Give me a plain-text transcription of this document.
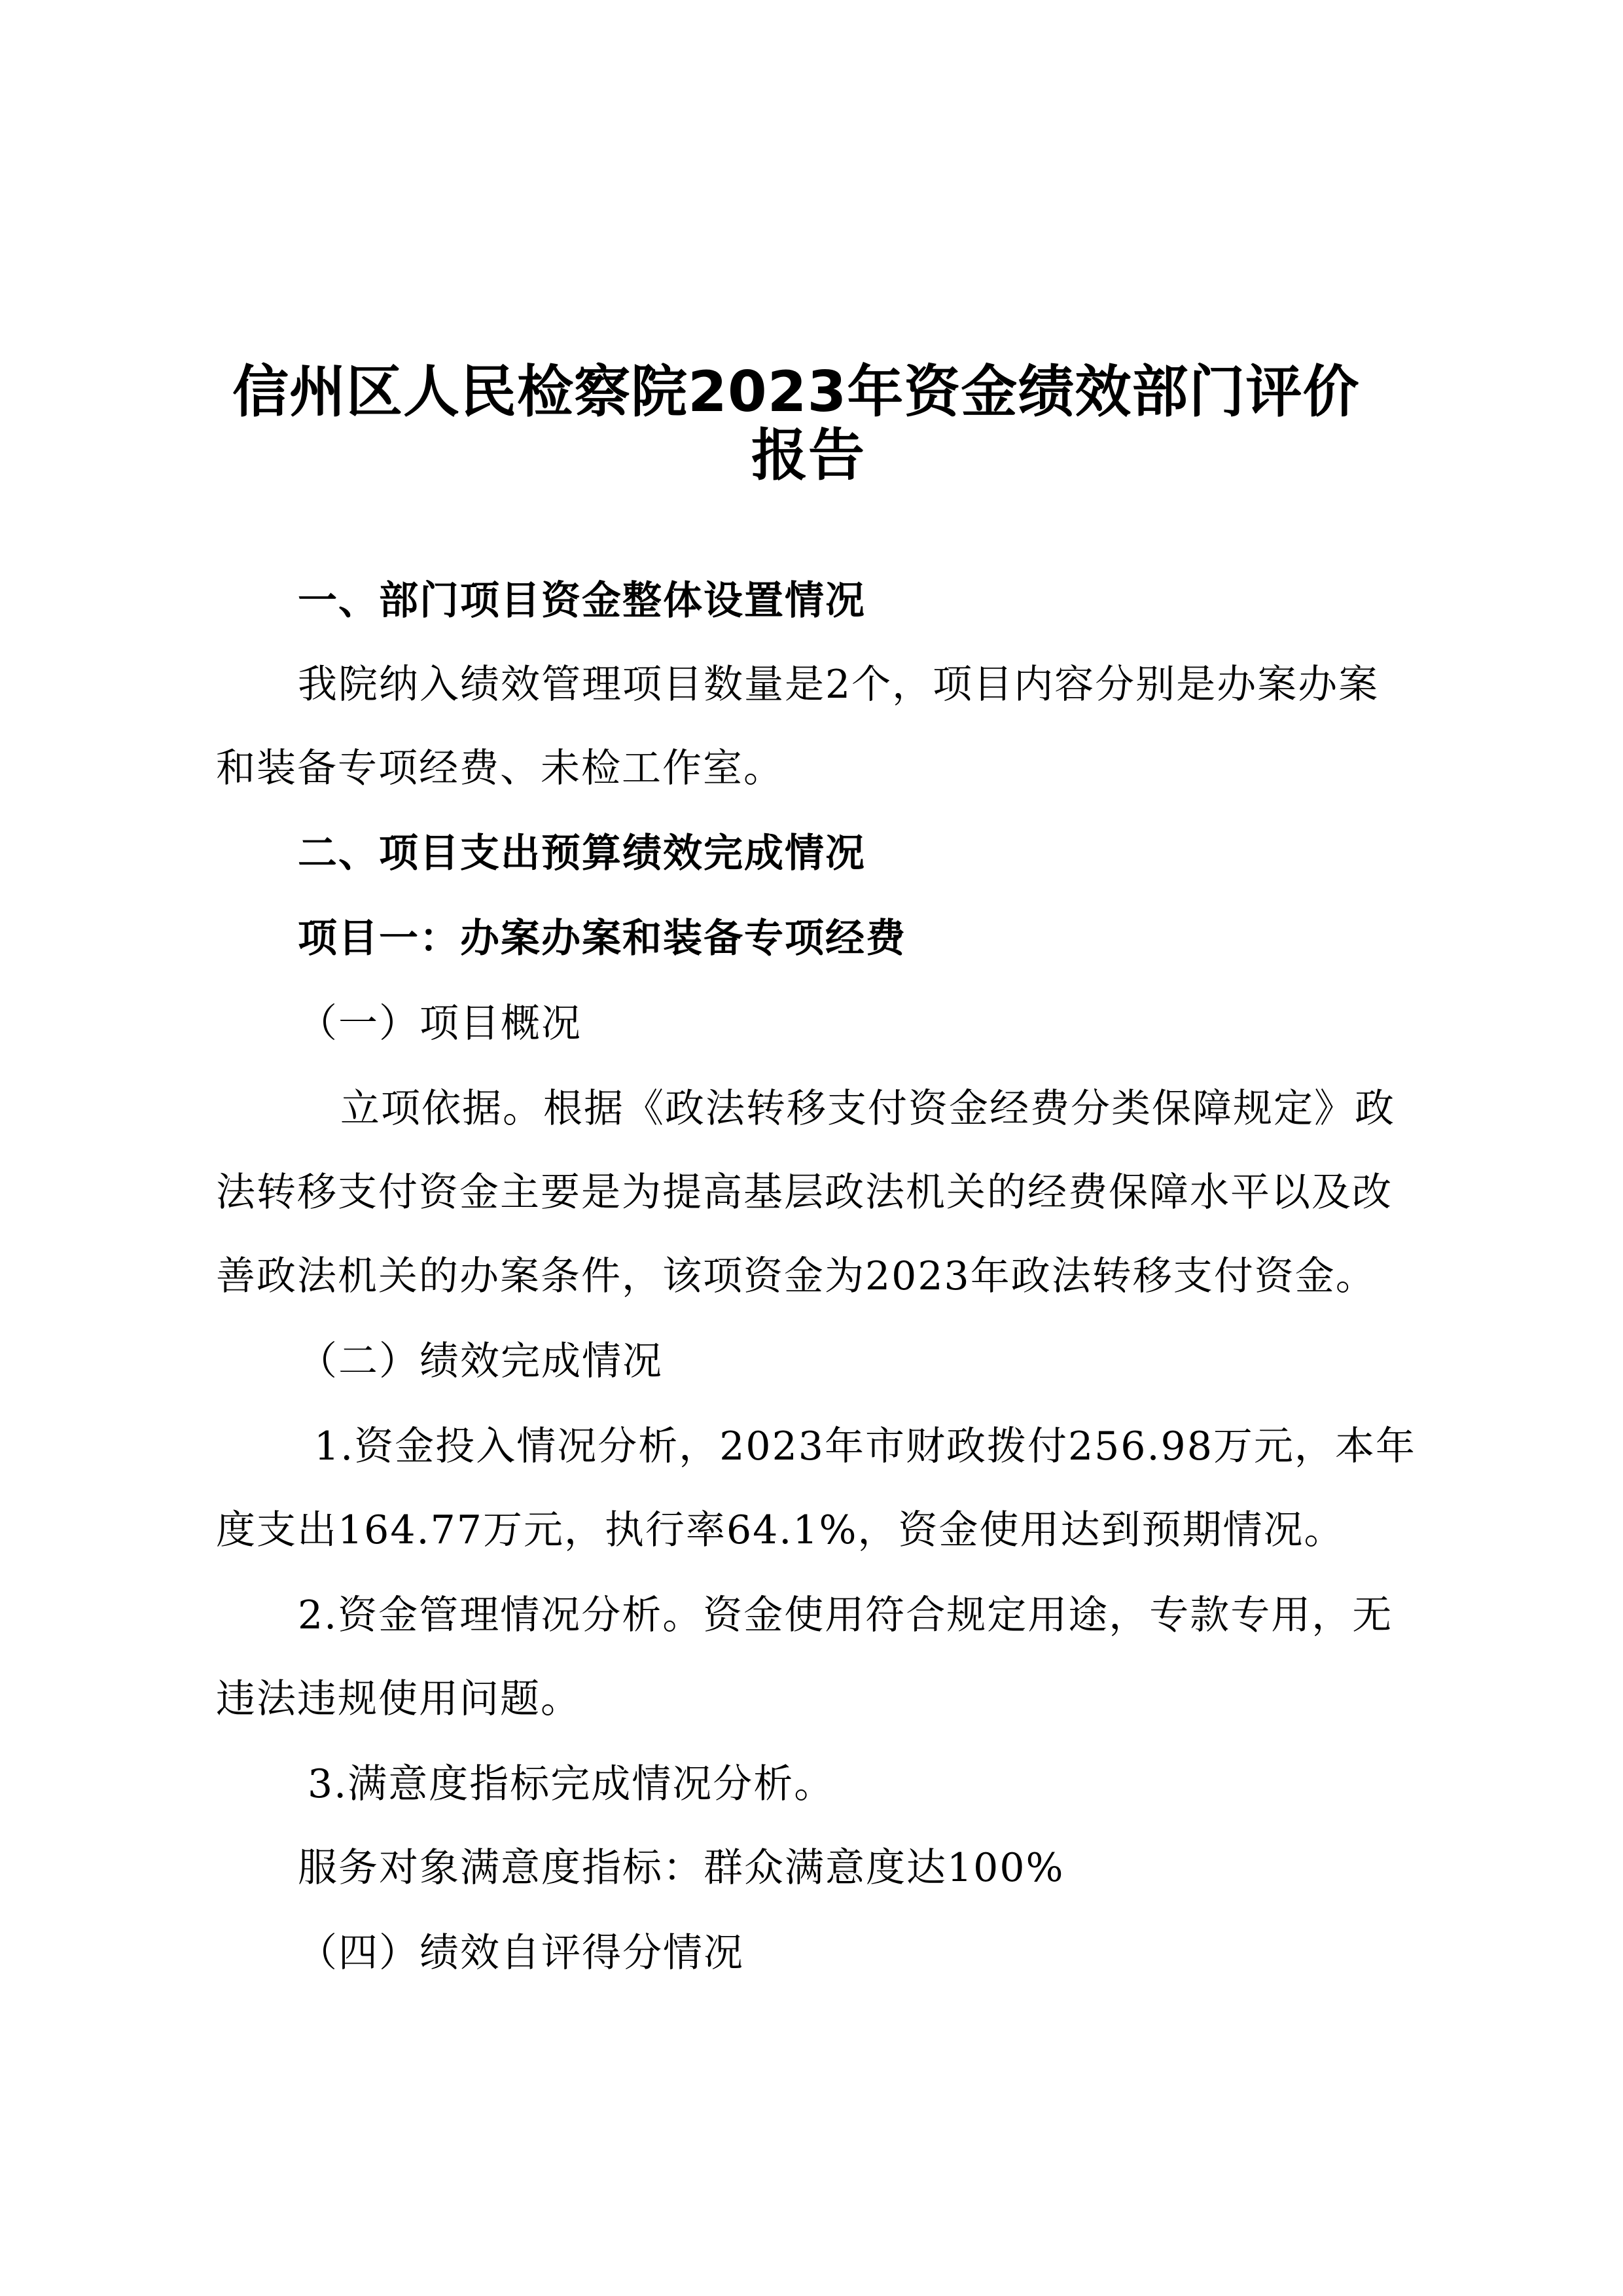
信州区人民检察院2023年资金绩效部门评价

报告

一、部门项目资金整体设置情况

我院纳入绩效管理项目数量是2个，项目内容分别是办案办案

和装备专项经费、未检工作室。

二、项目支出预算绩效完成情况

项目一：办案办案和装备专项经费

（一）项目概况

立项依据。根据《政法转移支付资金经费分类保障规定》政

法转移支付资金主要是为提高基层政法机关的经费保障水平以及改

善政法机关的办案条件，该项资金为2023年政法转移支付资金。

（二）绩效完成情况

1.资金投入情况分析，2023年市财政拨付256.98万元，本年

度支出164.77万元，执行率64.1%，资金使用达到预期情况。

2.资金管理情况分析。资金使用符合规定用途，专款专用，无

违法违规使用问题。

3.满意度指标完成情况分析。

服务对象满意度指标：群众满意度达100%

（四）绩效自评得分情况
